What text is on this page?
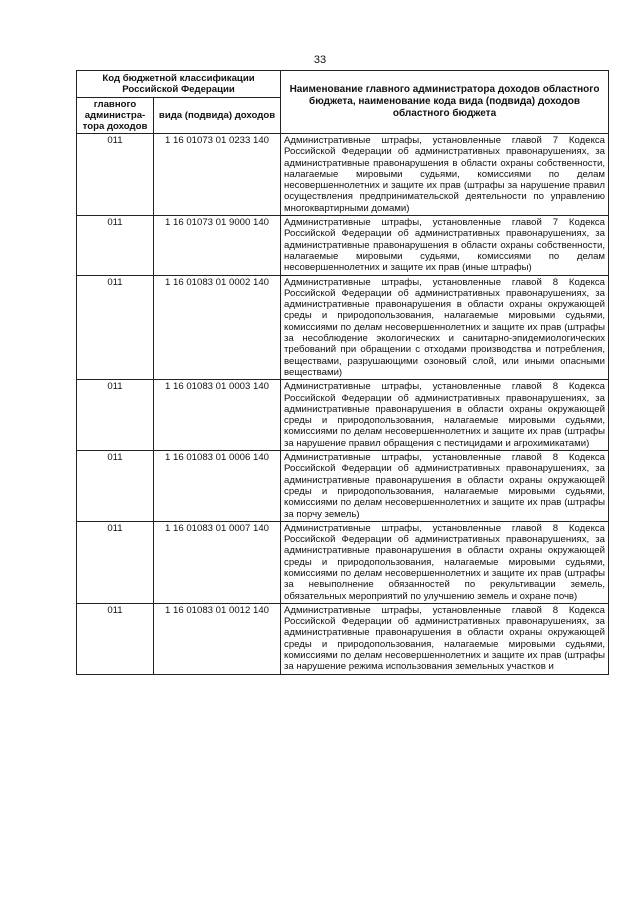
33
Код бюджетной классификации Российской Федерации		Наименование главного администратора доходов областного бюджета, наименование кода вида (подвида) доходов областного бюджета
главного администра-тора доходов	вида (подвида) доходов	
011	1 16 01073 01 0233 140	Административные штрафы, установленные главой 7 Кодекса Российской Федерации об административных правонарушениях, за административные правонарушения в области охраны собственности, налагаемые мировыми судьями, комиссиями по делам несовершеннолетних и защите их прав (штрафы за нарушение правил осуществления предпринимательской деятельности по управлению многоквартирными домами)
011	1 16 01073 01 9000 140	Административные штрафы, установленные главой 7 Кодекса Российской Федерации об административных правонарушениях, за административные правонарушения в области охраны собственности, налагаемые мировыми судьями, комиссиями по делам несовершеннолетних и защите их прав (иные штрафы)
011	1 16 01083 01 0002 140	Административные штрафы, установленные главой 8 Кодекса Российской Федерации об административных правонарушениях, за административные правонарушения в области охраны окружающей среды и природопользования, налагаемые мировыми судьями, комиссиями по делам несовершеннолетних и защите их прав (штрафы за несоблюдение экологических и санитарно-эпидемиологических требований при обращении с отходами производства и потребления, веществами, разрушающими озоновый слой, или иными опасными веществами)
011	1 16 01083 01 0003 140	Административные штрафы, установленные главой 8 Кодекса Российской Федерации об административных правонарушениях, за административные правонарушения в области охраны окружающей среды и природопользования, налагаемые мировыми судьями, комиссиями по делам несовершеннолетних и защите их прав (штрафы за нарушение правил обращения с пестицидами и агрохимикатами)
011	1 16 01083 01 0006 140	Административные штрафы, установленные главой 8 Кодекса Российской Федерации об административных правонарушениях, за административные правонарушения в области охраны окружающей среды и природопользования, налагаемые мировыми судьями, комиссиями по делам несовершеннолетних и защите их прав (штрафы за порчу земель)
011	1 16 01083 01 0007 140	Административные штрафы, установленные главой 8 Кодекса Российской Федерации об административных правонарушениях, за административные правонарушения в области охраны окружающей среды и природопользования, налагаемые мировыми судьями, комиссиями по делам несовершеннолетних и защите их прав (штрафы за невыполнение обязанностей по рекультивации земель, обязательных мероприятий по улучшению земель и охране почв)
011	1 16 01083 01 0012 140	Административные штрафы, установленные главой 8 Кодекса Российской Федерации об административных правонарушениях, за административные правонарушения в области охраны окружающей среды и природопользования, налагаемые мировыми судьями, комиссиями по делам несовершеннолетних и защите их прав (штрафы за нарушение режима использования земельных участков и
